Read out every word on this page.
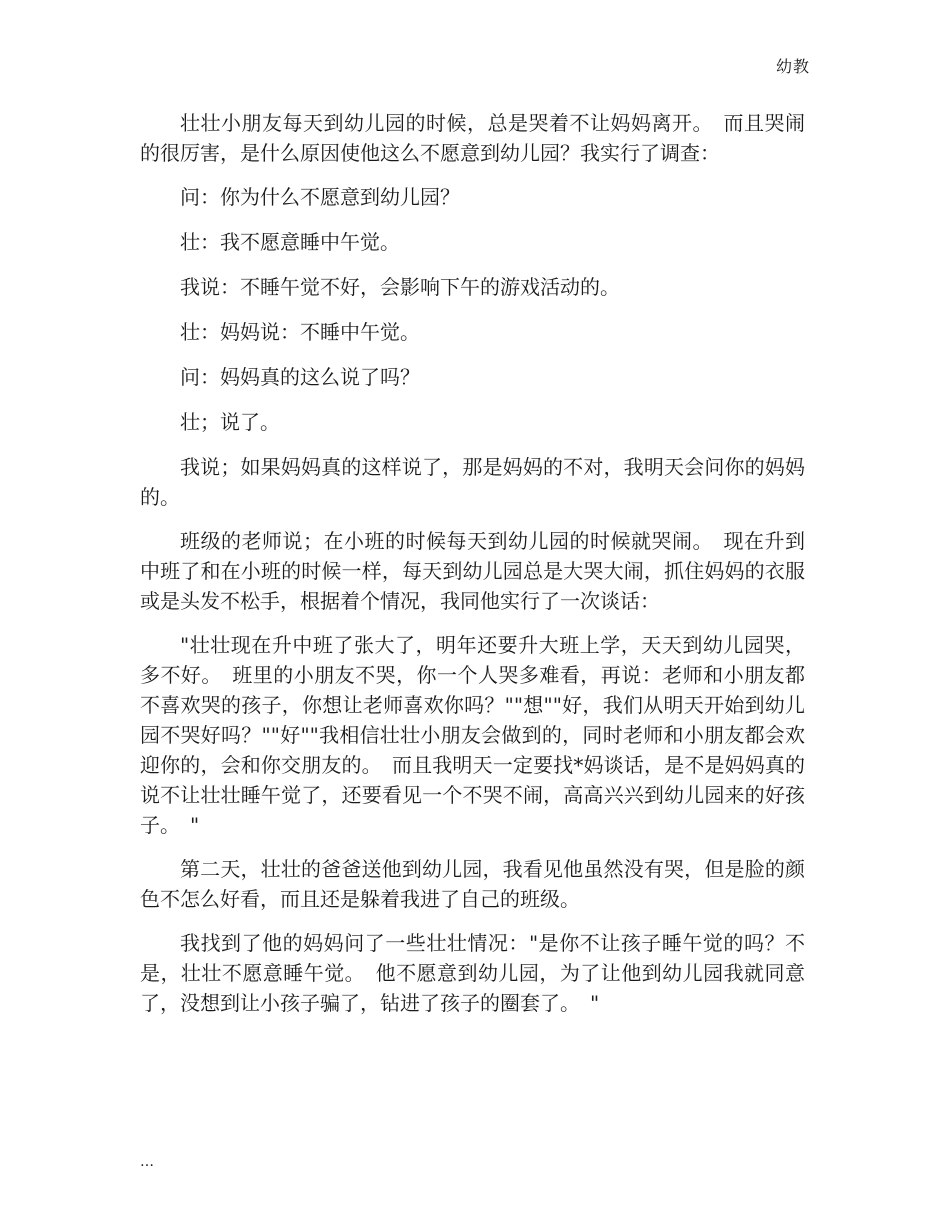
幼教

壮壮小朋友每天到幼儿园的时候，总是哭着不让妈妈离开。　而且哭闹的很厉害，是什么原因使他这么不愿意到幼儿园？我实行了调查：

问：你为什么不愿意到幼儿园？

壮：我不愿意睡中午觉。

我说：不睡午觉不好，会影响下午的游戏活动的。

壮：妈妈说：不睡中午觉。

问：妈妈真的这么说了吗？

壮；说了。

我说；如果妈妈真的这样说了，那是妈妈的不对，我明天会问你的妈妈的。

班级的老师说；在小班的时候每天到幼儿园的时候就哭闹。　现在升到中班了和在小班的时候一样，每天到幼儿园总是大哭大闹，抓住妈妈的衣服或是头发不松手，根据着个情况，我同他实行了一次谈话：

"壮壮现在升中班了张大了，明年还要升大班上学，天天到幼儿园哭，多不好。　班里的小朋友不哭，你一个人哭多难看，再说：老师和小朋友都不喜欢哭的孩子，你想让老师喜欢你吗？""想""好，我们从明天开始到幼儿园不哭好吗？""好""我相信壮壮小朋友会做到的，同时老师和小朋友都会欢迎你的，会和你交朋友的。　而且我明天一定要找*妈谈话，是不是妈妈真的说不让壮壮睡午觉了，还要看见一个不哭不闹，高高兴兴到幼儿园来的好孩子。　"

第二天，壮壮的爸爸送他到幼儿园，我看见他虽然没有哭，但是脸的颜色不怎么好看，而且还是躲着我进了自己的班级。

我找到了他的妈妈问了一些壮壮情况："是你不让孩子睡午觉的吗？不是，壮壮不愿意睡午觉。　他不愿意到幼儿园，为了让他到幼儿园我就同意了，没想到让小孩子骗了，钻进了孩子的圈套了。　"

…
